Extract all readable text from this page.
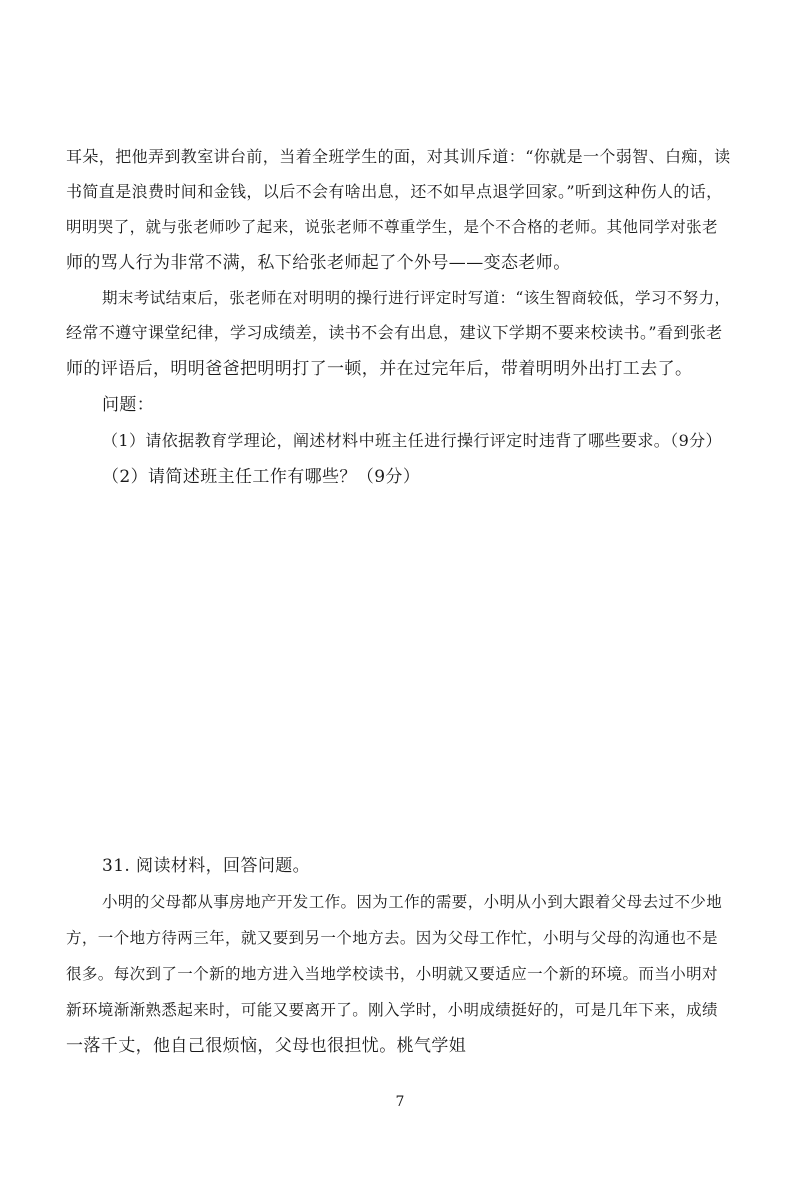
耳朵，把他弄到教室讲台前，当着全班学生的面，对其训斥道：“你就是一个弱智、白痴，读
书简直是浪费时间和金钱，以后不会有啥出息，还不如早点退学回家。”听到这种伤人的话，
明明哭了，就与张老师吵了起来，说张老师不尊重学生，是个不合格的老师。其他同学对张老
师的骂人行为非常不满，私下给张老师起了个外号——变态老师。
期末考试结束后，张老师在对明明的操行进行评定时写道：“该生智商较低，学习不努力，
经常不遵守课堂纪律，学习成绩差，读书不会有出息，建议下学期不要来校读书。”看到张老
师的评语后，明明爸爸把明明打了一顿，并在过完年后，带着明明外出打工去了。
问题：
（1）请依据教育学理论，阐述材料中班主任进行操行评定时违背了哪些要求。（9分）
（2）请简述班主任工作有哪些？（9分）
31. 阅读材料，回答问题。
小明的父母都从事房地产开发工作。因为工作的需要，小明从小到大跟着父母去过不少地
方，一个地方待两三年，就又要到另一个地方去。因为父母工作忙，小明与父母的沟通也不是
很多。每次到了一个新的地方进入当地学校读书，小明就又要适应一个新的环境。而当小明对
新环境渐渐熟悉起来时，可能又要离开了。刚入学时，小明成绩挺好的，可是几年下来，成绩
一落千丈，他自己很烦恼，父母也很担忧。桃气学姐
7
